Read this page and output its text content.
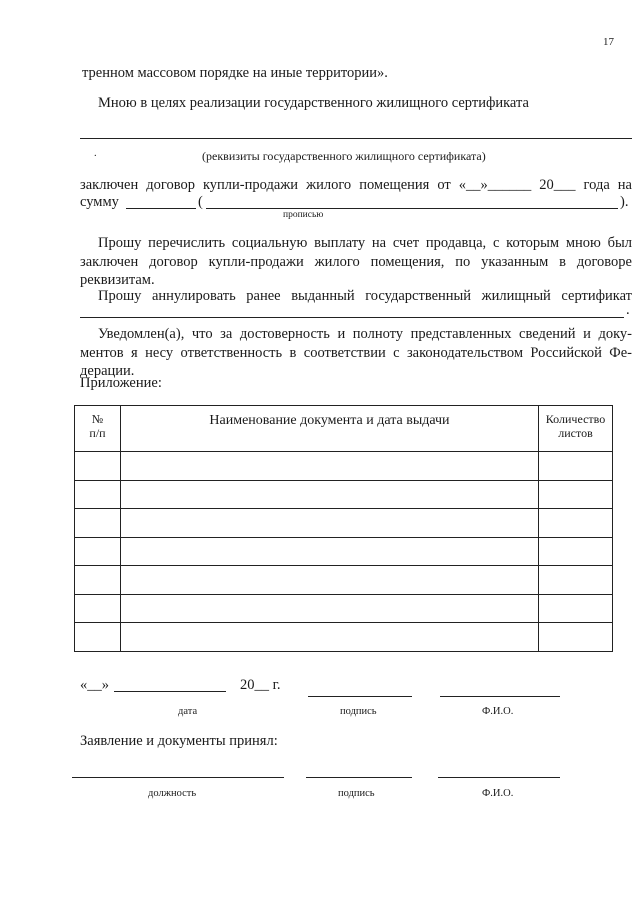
17
тренном массовом порядке на иные территории».
Мною в целях реализации государственного жилищного сертификата
.	(реквизиты государственного жилищного сертификата)
заключен договор купли-продажи жилого помещения от «__»______ 20___ года на
сумму	(	).
прописью
Прошу перечислить социальную выплату на счет продавца, с которым мною был
заключен договор купли-продажи жилого помещения, по указанным в договоре
реквизитам.
Прошу аннулировать ранее выданный государственный жилищный сертификат
.
Уведомлен(а), что за достоверность и полноту представленных сведений и доку-
ментов я несу ответственность в соответствии с законодательством Российской Фе-
дерации.
Приложение:
№
п/п	Наименование документа и дата выдачи	Количество
листов

«__»	20__ г.
дата	подпись	Ф.И.О.
Заявление и документы принял:
должность	подпись	Ф.И.О.
